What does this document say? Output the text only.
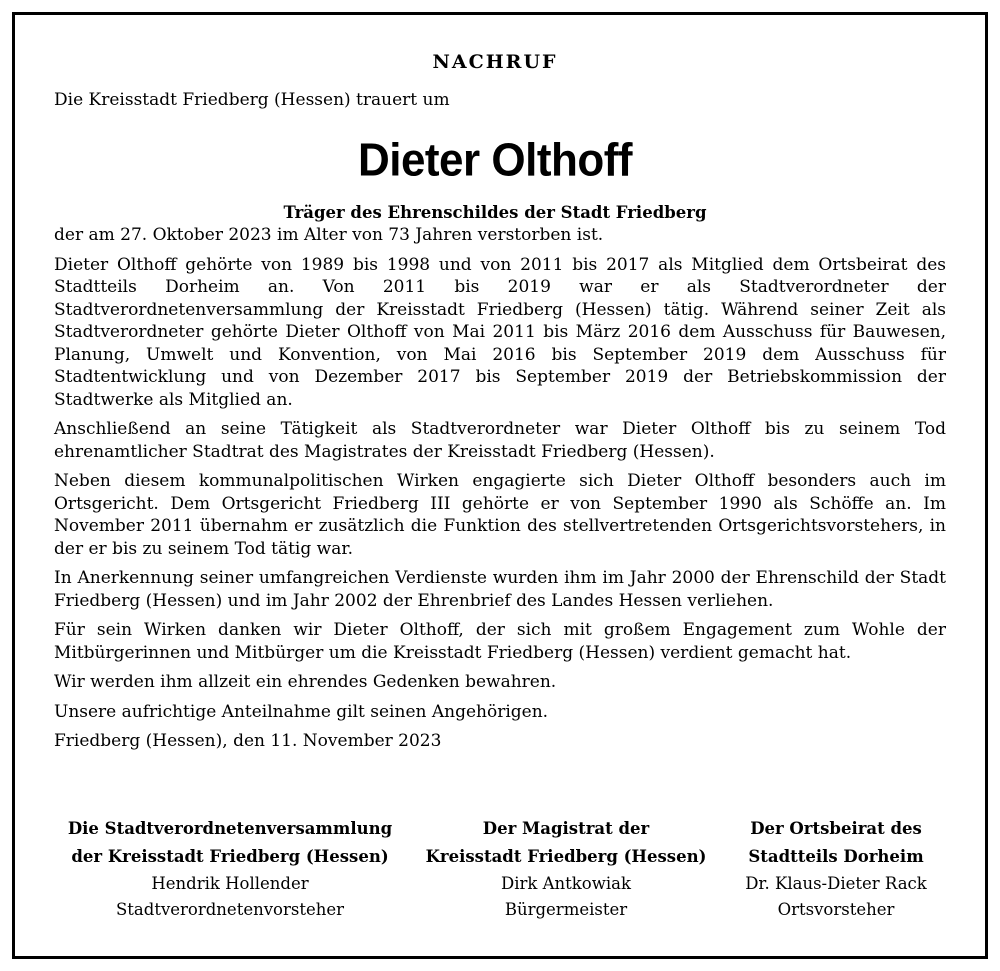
NACHRUF
Die Kreisstadt Friedberg (Hessen) trauert um
Dieter Olthoff
Träger des Ehrenschildes der Stadt Friedberg

der am 27. Oktober 2023 im Alter von 73 Jahren verstorben ist.

Dieter Olthoff gehörte von 1989 bis 1998 und von 2011 bis 2017 als Mitglied dem Ortsbeirat des Stadtteils Dorheim an. Von 2011 bis 2019 war er als Stadtverordneter der Stadtverordnetenversammlung der Kreisstadt Friedberg (Hessen) tätig. Während seiner Zeit als Stadtverordneter gehörte Dieter Olthoff von Mai 2011 bis März 2016 dem Ausschuss für Bauwesen, Planung, Umwelt und Konvention, von Mai 2016 bis September 2019 dem Ausschuss für Stadtentwicklung und von Dezember 2017 bis September 2019 der Betriebskommission der Stadtwerke als Mitglied an.

Anschließend an seine Tätigkeit als Stadtverordneter war Dieter Olthoff bis zu seinem Tod ehrenamtlicher Stadtrat des Magistrates der Kreisstadt Friedberg (Hessen).

Neben diesem kommunalpolitischen Wirken engagierte sich Dieter Olthoff besonders auch im Ortsgericht. Dem Ortsgericht Friedberg III gehörte er von September 1990 als Schöffe an. Im November 2011 übernahm er zusätzlich die Funktion des stellvertretenden Ortsgerichtsvorstehers, in der er bis zu seinem Tod tätig war.

In Anerkennung seiner umfangreichen Verdienste wurden ihm im Jahr 2000 der Ehrenschild der Stadt Friedberg (Hessen) und im Jahr 2002 der Ehrenbrief des Landes Hessen verliehen.

Für sein Wirken danken wir Dieter Olthoff, der sich mit großem Engagement zum Wohle der Mitbürgerinnen und Mitbürger um die Kreisstadt Friedberg (Hessen) verdient gemacht hat.

Wir werden ihm allzeit ein ehrendes Gedenken bewahren.

Unsere aufrichtige Anteilnahme gilt seinen Angehörigen.

Friedberg (Hessen), den 11. November 2023

Die Stadtverordnetenversammlung
der Kreisstadt Friedberg (Hessen)
Hendrik Hollender
Stadtverordnetenvorsteher
Der Magistrat der
Kreisstadt Friedberg (Hessen)
Dirk Antkowiak
Bürgermeister
Der Ortsbeirat des
Stadtteils Dorheim
Dr. Klaus-Dieter Rack
Ortsvorsteher
